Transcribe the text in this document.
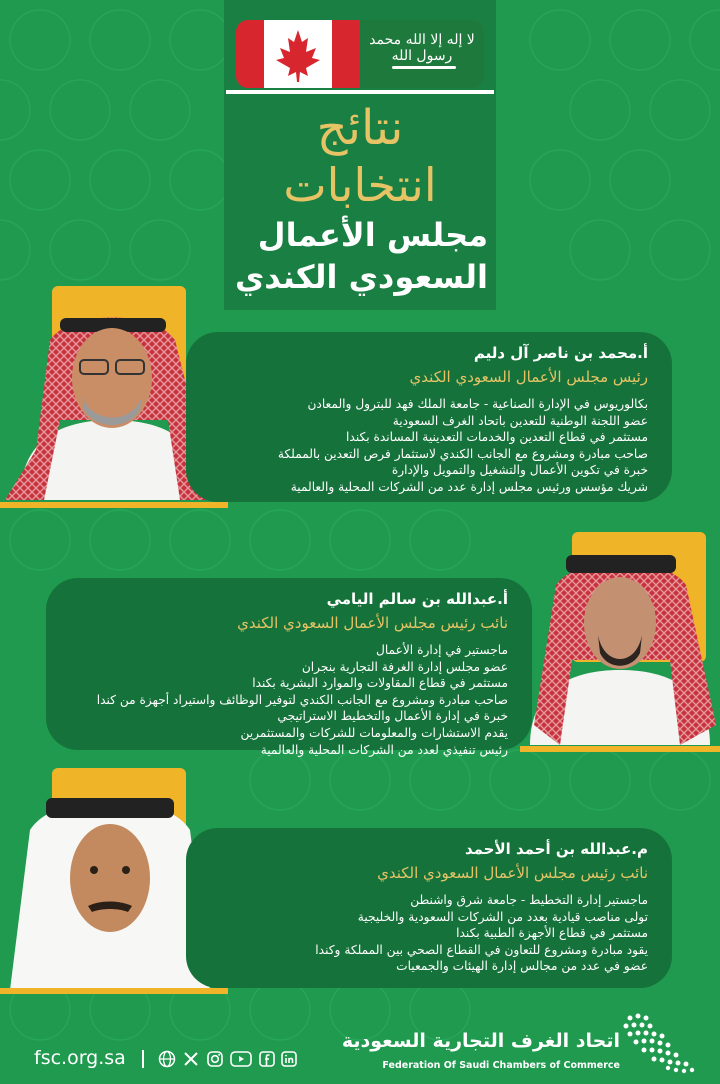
لا إله إلا الله محمد رسول الله
نتائج
انتخابات
مجلس الأعمال
السعودي الكندي
أ.محمد بن ناصر آل دليم
رئيس مجلس الأعمال السعودي الكندي
بكالوريوس في الإدارة الصناعية - جامعة الملك فهد للبترول والمعادن
عضو اللجنة الوطنية للتعدين باتحاد الغرف السعودية
مستثمر في قطاع التعدين والخدمات التعدينية المساندة بكندا
صاحب مبادرة ومشروع مع الجانب الكندي لاستثمار فرص التعدين بالمملكة
خبرة في تكوين الأعمال والتشغيل والتمويل والإدارة
شريك مؤسس ورئيس مجلس إدارة عدد من الشركات المحلية والعالمية
أ.عبدالله بن سالم اليامي
نائب رئيس مجلس الأعمال السعودي الكندي
ماجستير في إدارة الأعمال
عضو مجلس إدارة الغرفة التجارية بنجران
مستثمر في قطاع المقاولات والموارد البشرية بكندا
صاحب مبادرة ومشروع مع الجانب الكندي لتوفير الوظائف واستيراد أجهزة من كندا
خبرة في إدارة الأعمال والتخطيط الاستراتيجي
يقدم الاستشارات والمعلومات للشركات والمستثمرين
رئيس تنفيذي لعدد من الشركات المحلية والعالمية
م.عبدالله بن أحمد الأحمد
نائب رئيس مجلس الأعمال السعودي الكندي
ماجستير إدارة التخطيط - جامعة شرق واشنطن
تولى مناصب قيادية بعدد من الشركات السعودية والخليجية
مستثمر في قطاع الأجهزة الطبية بكندا
يقود مبادرة ومشروع للتعاون في القطاع الصحي بين المملكة وكندا
عضو في عدد من مجالس إدارة الهيئات والجمعيات
fsc.org.sa
اتحاد الغرف التجارية السعودية
Federation Of Saudi Chambers of Commerce
